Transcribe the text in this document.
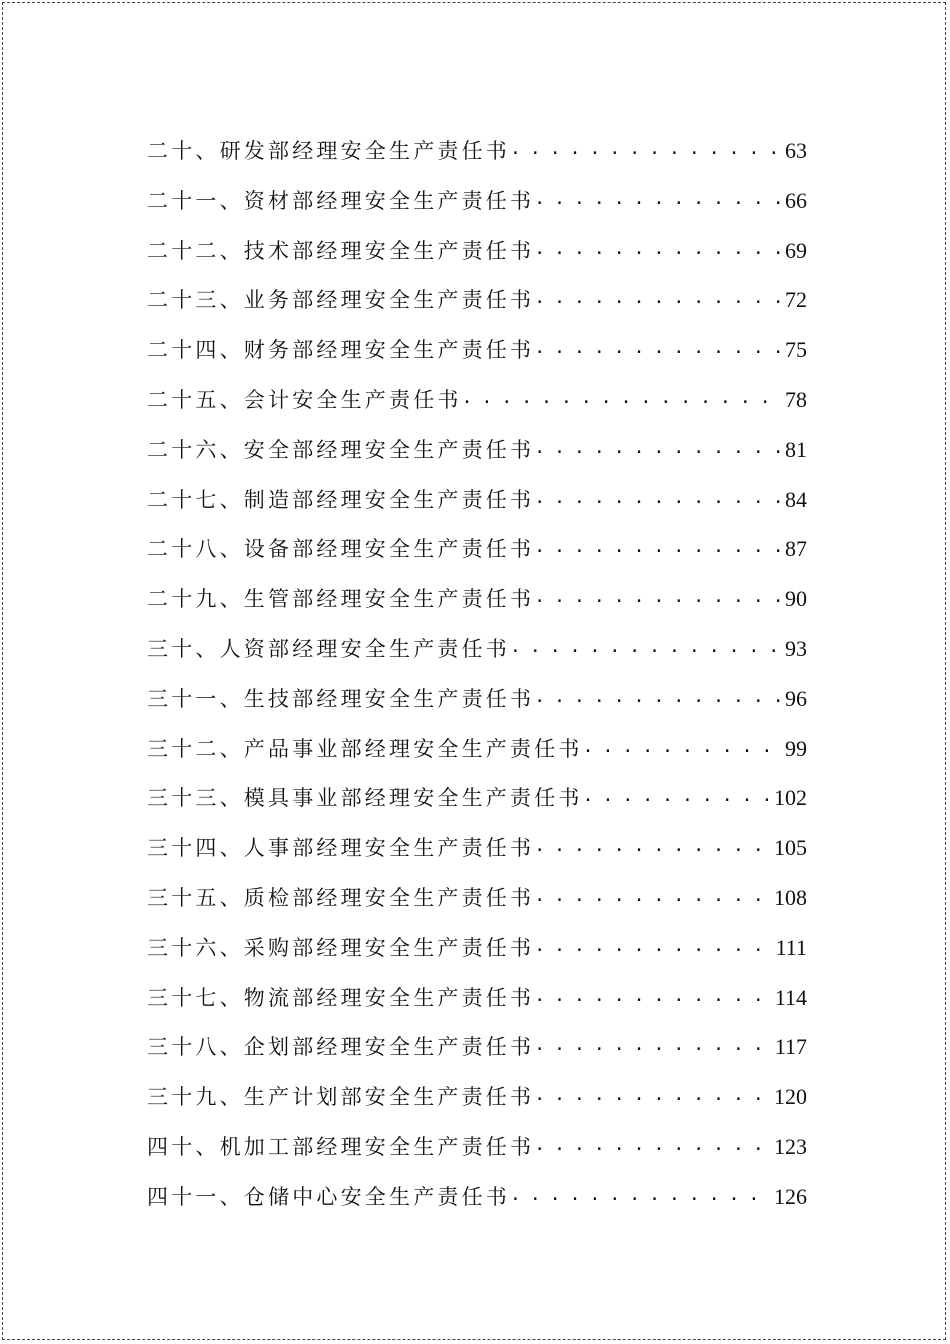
二十、研发部经理安全生产责任书 . . .	63
二十一、资材部经理安全生产责任书 . . .	66
二十二、技术部经理安全生产责任书 . . .	69
二十三、业务部经理安全生产责任书 . . .	72
二十四、财务部经理安全生产责任书 . . .	75
二十五、会计安全生产责任书 . . .	78
二十六、安全部经理安全生产责任书 . . .	81
二十七、制造部经理安全生产责任书 . . .	84
二十八、设备部经理安全生产责任书 . . .	87
二十九、生管部经理安全生产责任书 . . .	90
三十、人资部经理安全生产责任书 . . .	93
三十一、生技部经理安全生产责任书 . . .	96
三十二、产品事业部经理安全生产责任书 . . .	99
三十三、模具事业部经理安全生产责任书 . . .	102
三十四、人事部经理安全生产责任书 . . .	105
三十五、质检部经理安全生产责任书 . . .	108
三十六、采购部经理安全生产责任书 . . .	111
三十七、物流部经理安全生产责任书 . . .	114
三十八、企划部经理安全生产责任书 . . .	117
三十九、生产计划部安全生产责任书 . . .	120
四十、机加工部经理安全生产责任书 . . .	123
四十一、仓储中心安全生产责任书 . . .	126
